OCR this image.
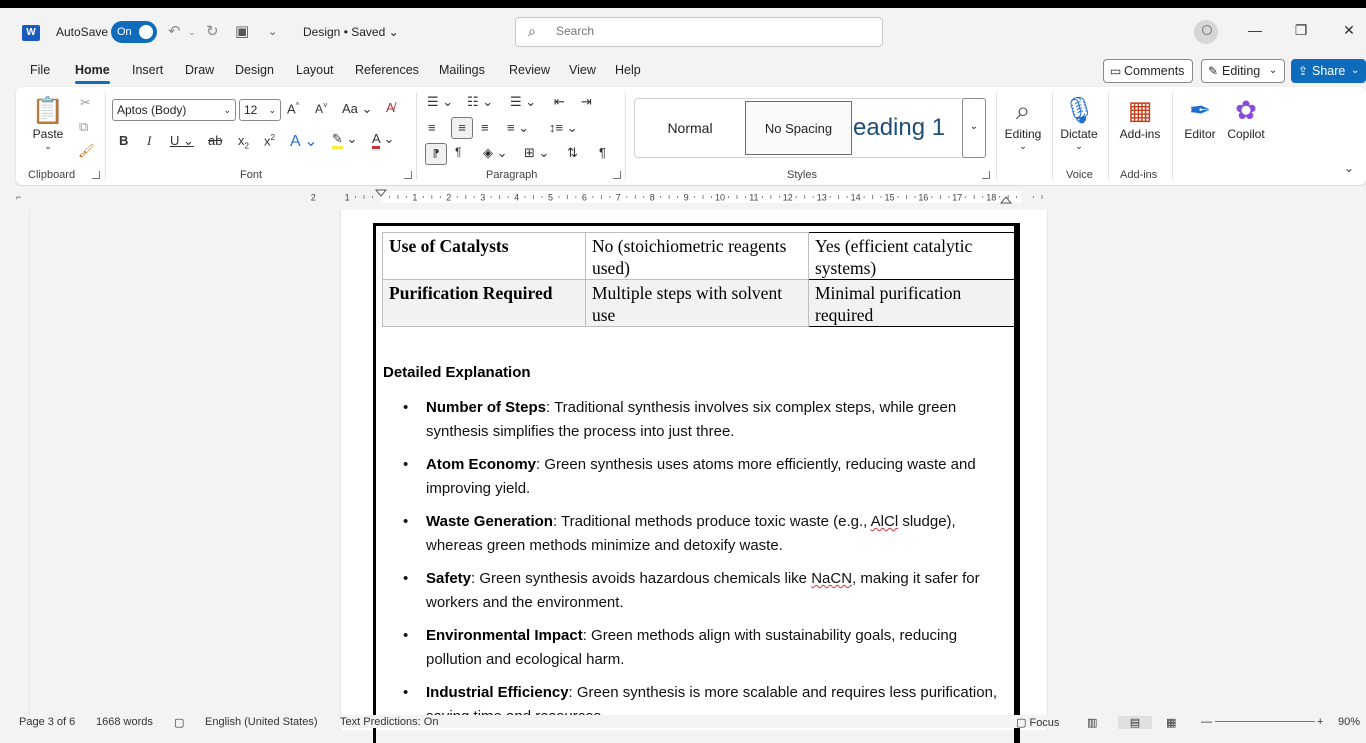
W	AutoSave On	↶ ⌄ ↻ ▣ ⌄ Design • Saved ⌄	⌕
Search	— ❐	✕
File Home Insert Draw Design Layout References Mailings Review View Help	▭ Comments	✎ Editing ⌄ ⇪ Share ⌄
📋
Paste
⌄
✂
⧉
🖌
Clipboard
Aptos (Body)	⌄	12 ⌄ A^ A˅ Aa ⌄ A̸
B I U ⌄ ab $x_2$ $x^2$ A ⌄ ✎ ⌄ A ⌄
Font
☰ ⌄ ☷ ⌄ ☰ ⌄ ⇤ ⇥
≡	≡	≡ ≡ ⌄ ↕≡ ⌄
⁋	¶ ◈ ⌄ ⊞ ⌄ ⇅ ¶
Paragraph
Normal	No Spacing eading 1	⌄
Styles
⌕
Editing
⌄
🎙
Dictate
⌄
Voice
▦
Add-ins
Add-ins
✒
Editor
✿
Copilot
⌄
⌐	2	1	1	2	3	4	5	6	7	8	9	10	11	12	13	14	15	16	17	18
Use of Catalysts	No (stoichiometric reagents used)	Yes (efficient catalytic systems)
Purification Required	Multiple steps with solvent use	Minimal purification required
Detailed Explanation
• Number of Steps: Traditional synthesis involves six complex steps, while green synthesis simplifies the process into just three.
• Atom Economy: Green synthesis uses atoms more efficiently, reducing waste and improving yield.
• Waste Generation: Traditional methods produce toxic waste (e.g., AlCl sludge), whereas green methods minimize and detoxify waste.
• Safety: Green synthesis avoids hazardous chemicals like NaCN, making it safer for workers and the environment.
• Environmental Impact: Green methods align with sustainability goals, reducing pollution and ecological harm.
• Industrial Efficiency: Green synthesis is more scalable and requires less purification,
Page 3 of 6 1668 words ▢ English (United States) Text Predictions: On	▢ Focus	▥	▤	▦ —	+ 90%
